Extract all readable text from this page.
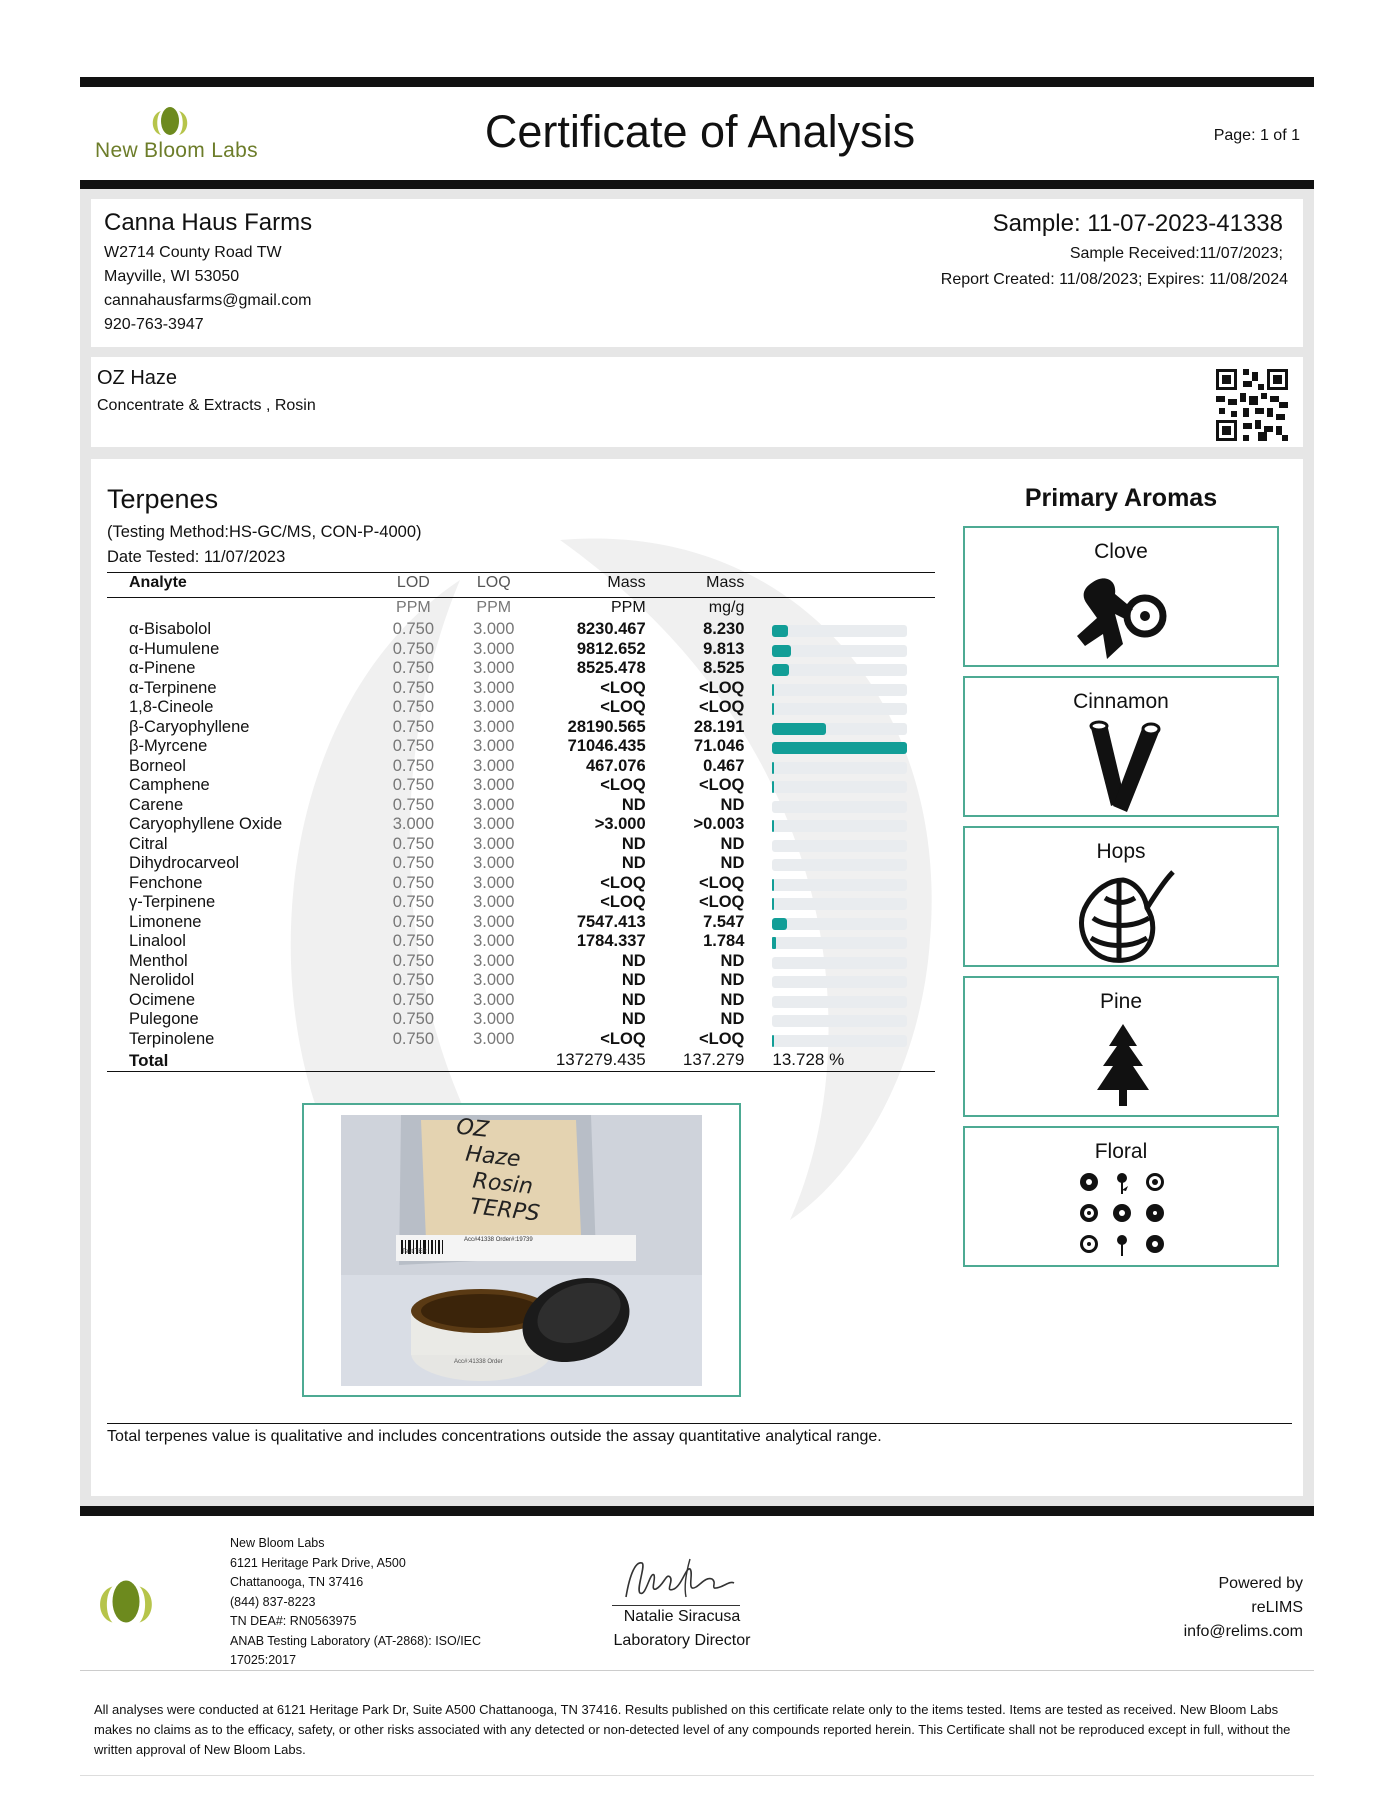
New Bloom Labs	Certificate of Analysis	Page: 1 of 1
Canna Haus Farms
W2714 County Road TW
Mayville, WI 53050
cannahausfarms@gmail.com
920-763-3947
Sample: 11-07-2023-41338
Sample Received:11/07/2023;
Report Created: 11/08/2023; Expires: 11/08/2024
OZ Haze
Concentrate & Extracts , Rosin
Terpenes
(Testing Method:HS-GC/MS, CON-P-4000)
Date Tested: 11/07/2023
Analyte	LOD	LOQ	Mass	Mass	
	PPM	PPM	PPM	mg/g	
α-Bisabolol	0.750	3.000	8230.467	8.230	

α-Humulene	0.750	3.000	9812.652	9.813	

α-Pinene	0.750	3.000	8525.478	8.525	

α-Terpinene	0.750	3.000	<LOQ	<LOQ	

1,8-Cineole	0.750	3.000	<LOQ	<LOQ	

β-Caryophyllene	0.750	3.000	28190.565	28.191	

β-Myrcene	0.750	3.000	71046.435	71.046	

Borneol	0.750	3.000	467.076	0.467	

Camphene	0.750	3.000	<LOQ	<LOQ	

Carene	0.750	3.000	ND	ND	

Caryophyllene Oxide	3.000	3.000	>3.000	>0.003	

Citral	0.750	3.000	ND	ND	

Dihydrocarveol	0.750	3.000	ND	ND	

Fenchone	0.750	3.000	<LOQ	<LOQ	

γ-Terpinene	0.750	3.000	<LOQ	<LOQ	

Limonene	0.750	3.000	7547.413	7.547	

Linalool	0.750	3.000	1784.337	1.784	

Menthol	0.750	3.000	ND	ND	

Nerolidol	0.750	3.000	ND	ND	

Ocimene	0.750	3.000	ND	ND	

Pulegone	0.750	3.000	ND	ND	

Terpinolene	0.750	3.000	<LOQ	<LOQ	

Total			137279.435	137.279	13.728 %

OZ
Haze
Rosin
TERPS
Acc#41338 Order#:19739
Test:TER
Acc#:41338 Order
Total terpenes value is qualitative and includes concentrations outside the assay quantitative analytical range.
Primary Aromas
Clove
Cinnamon
Hops
Pine
Floral
New Bloom Labs
6121 Heritage Park Drive, A500
Chattanooga, TN 37416
(844) 837-8223
TN DEA#: RN0563975
ANAB Testing Laboratory (AT-2868): ISO/IEC
17025:2017
Natalie Siracusa
Laboratory Director
Powered by
reLIMS
info@relims.com
All analyses were conducted at 6121 Heritage Park Dr, Suite A500 Chattanooga, TN 37416. Results published on this certificate relate only to the items tested. Items are tested as received. New Bloom Labs makes no claims as to the efficacy, safety, or other risks associated with any detected or non-detected level of any compounds reported herein. This Certificate shall not be reproduced except in full, without the written approval of New Bloom Labs.
